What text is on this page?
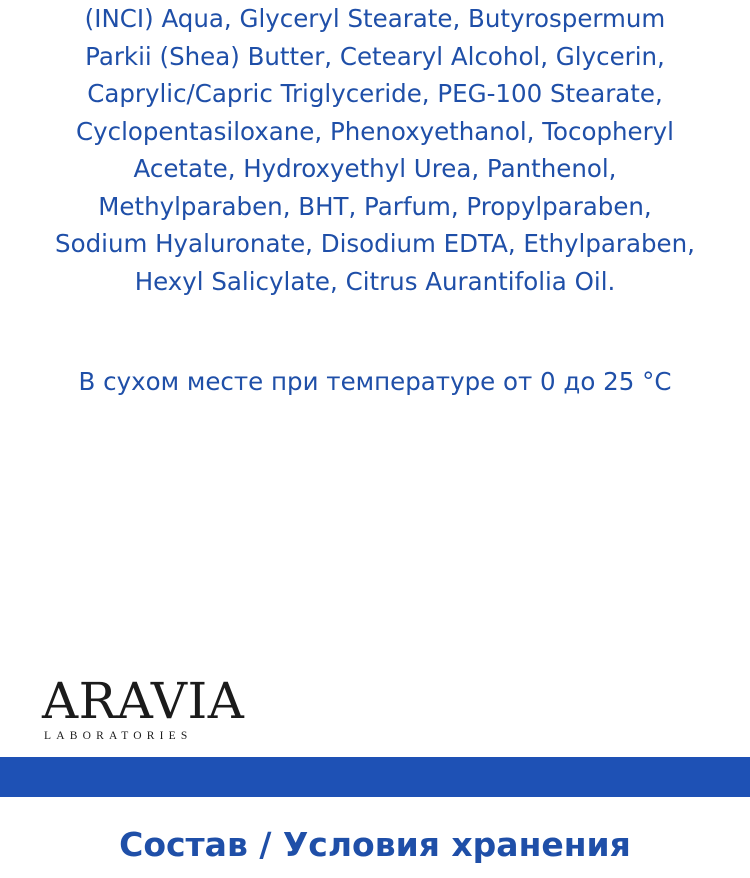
(INCI) Aqua, Glyceryl Stearate, Butyrospermum
Parkii (Shea) Butter, Cetearyl Alcohol, Glycerin,
Caprylic/Capric Triglyceride, PEG-100 Stearate,
Cyclopentasiloxane, Phenoxyethanol, Tocopheryl
Acetate, Hydroxyethyl Urea, Panthenol,
Methylparaben, BHT, Parfum, Propylparaben,
Sodium Hyaluronate, Disodium EDTA, Ethylparaben,
Hexyl Salicylate, Citrus Aurantifolia Oil.

В сухом месте при температуре от 0 до 25 °C

ARAVIA
LABORATORIES
Состав / Условия хранения
